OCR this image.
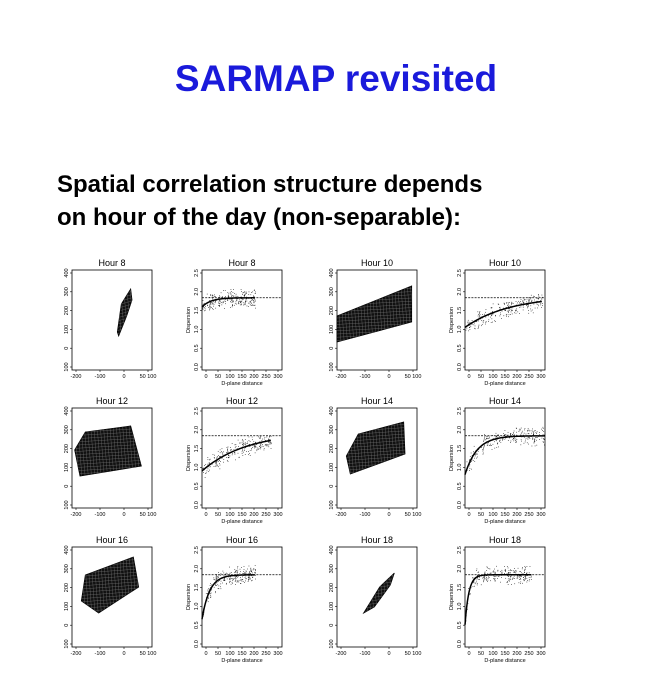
SARMAP revisited
Spatial correlation structure depends
on hour of the day (non-separable):
Hour 8
-200 -100	0	50 100
100
0
100
200
300
400
Hour 8
0 50 100 150 200 250 300
0.0
0.5
1.0
1.5
2.0
2.5
D-plane distance
Dispersion
Hour 10
-200 -100	0	50 100
100
0
100
200
300
400
Hour 10
0 50 100 150 200 250 300
0.0
0.5
1.0
1.5
2.0
2.5
D-plane distance
Dispersion
Hour 12
-200 -100	0	50 100
100
0
100
200
300
400
Hour 12
0 50 100 150 200 250 300
0.0
0.5
1.0
1.5
2.0
2.5
D-plane distance
Dispersion
Hour 14
-200 -100	0	50 100
100
0
100
200
300
400
Hour 14
0 50 100 150 200 250 300
0.0
0.5
1.0
1.5
2.0
2.5
D-plane distance
Dispersion
Hour 16
-200 -100	0	50 100
100
0
100
200
300
400
Hour 16
0 50 100 150 200 250 300
0.0
0.5
1.0
1.5
2.0
2.5
D-plane distance
Dispersion
Hour 18
-200 -100	0	50 100
100
0
100
200
300
400
Hour 18
0 50 100 150 200 250 300
0.0
0.5
1.0
1.5
2.0
2.5
D-plane distance
Dispersion
